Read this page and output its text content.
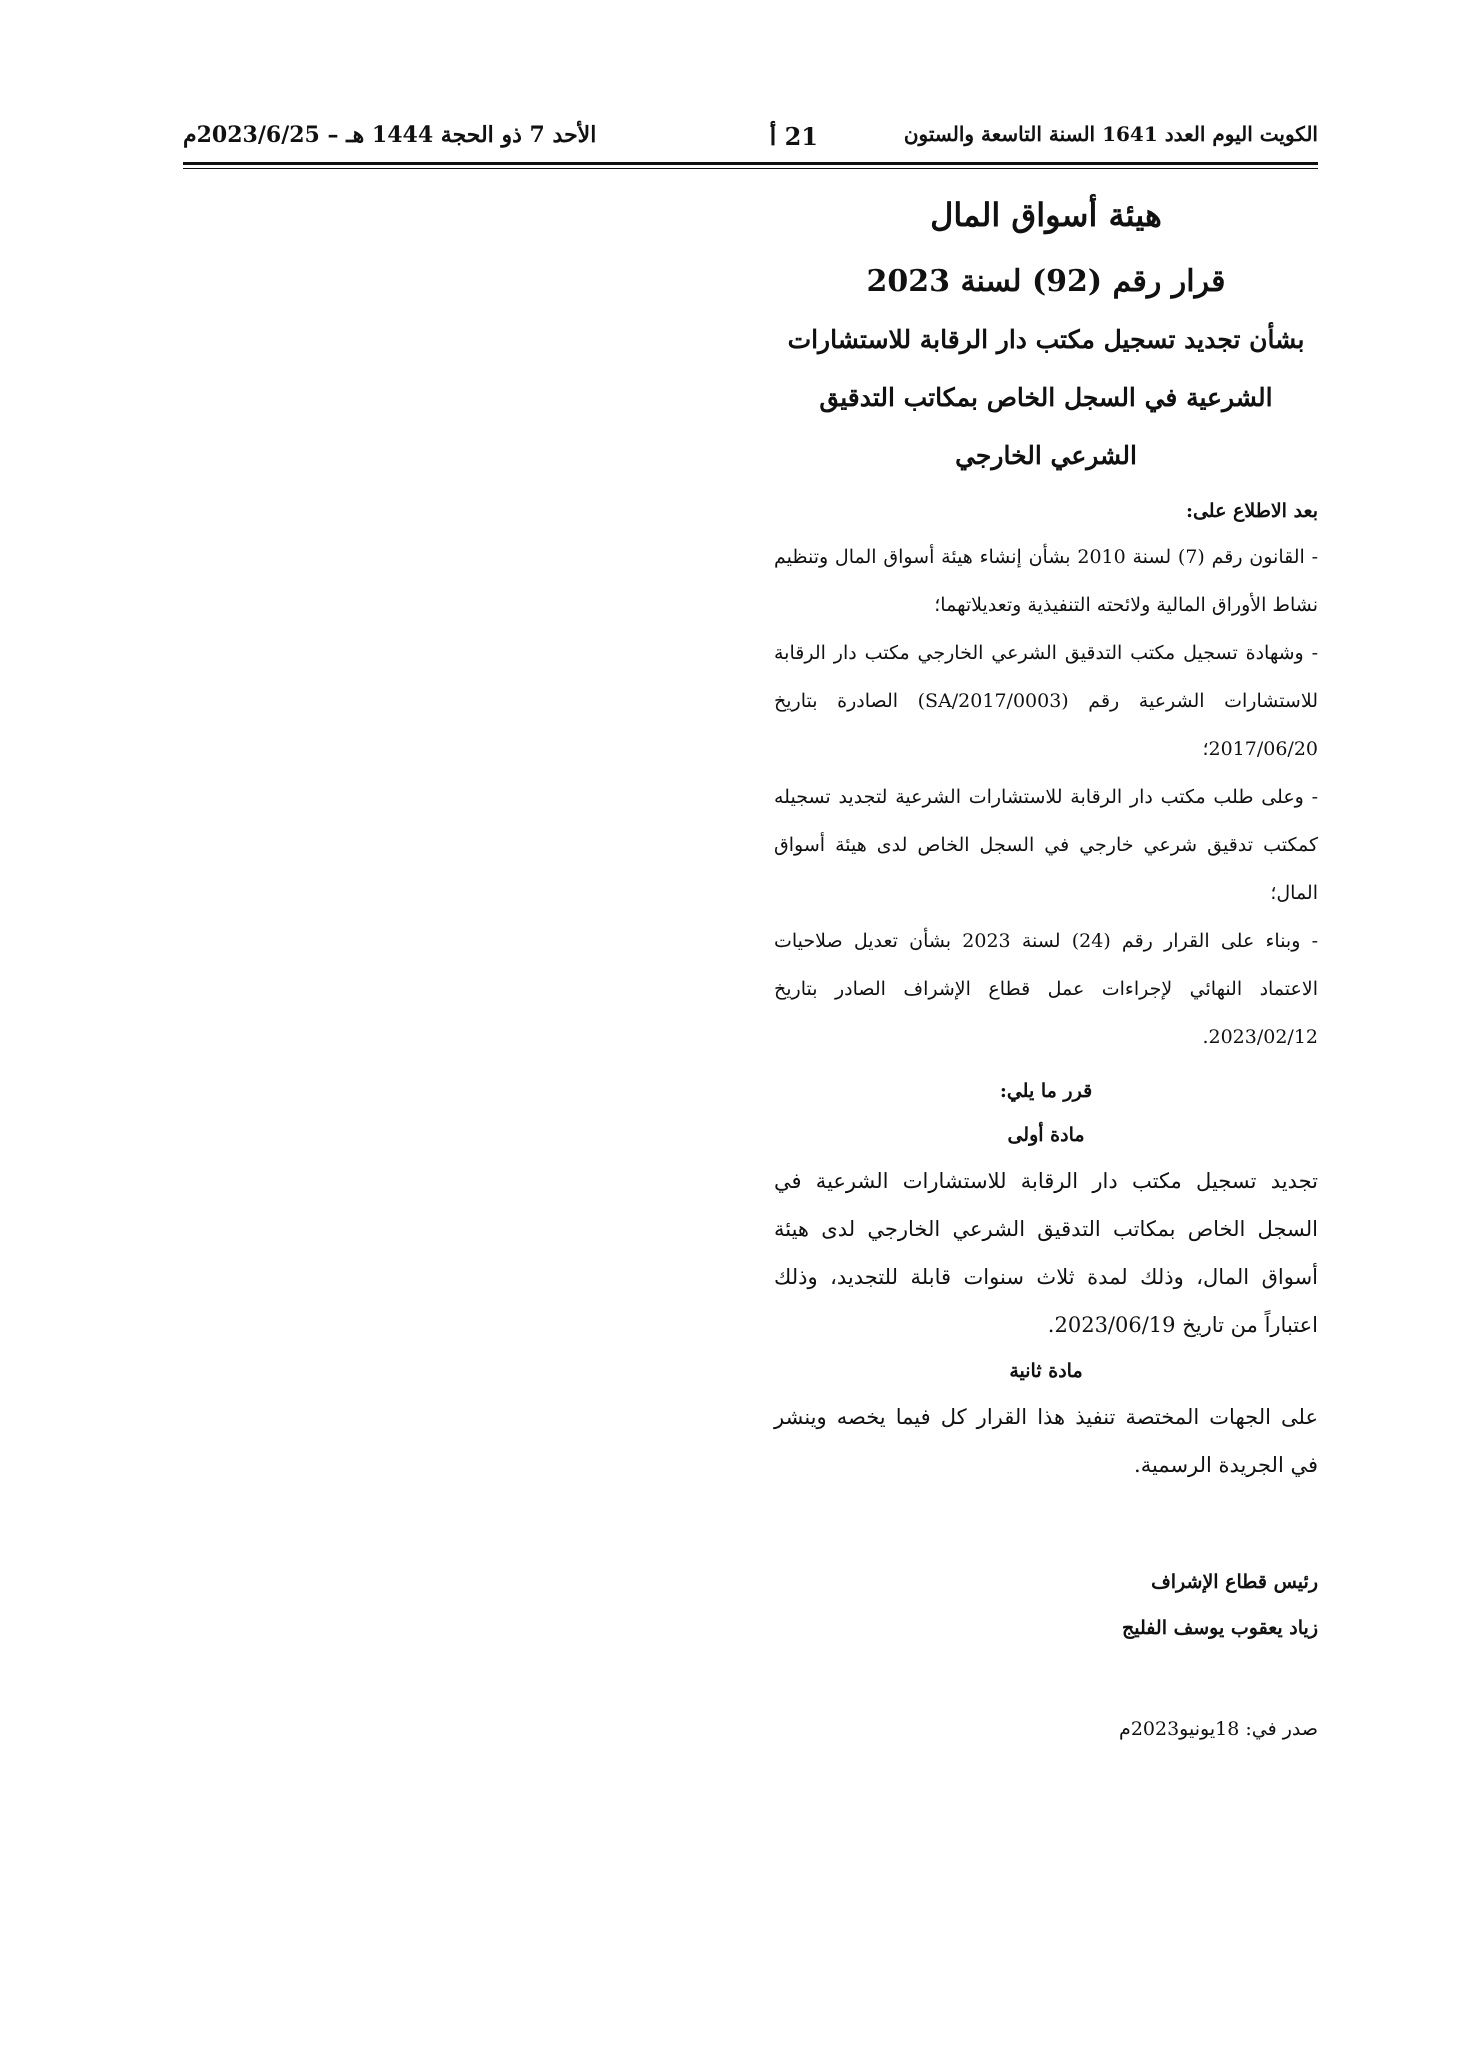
الكويت اليوم العدد 1641 السنة التاسعة والستون
21 أ
الأحد 7 ذو الحجة 1444 هـ – 2023/6/25م

هيئة أسواق المال

قرار رقم (92) لسنة 2023

بشأن تجديد تسجيل مكتب دار الرقابة للاستشارات الشرعية في السجل الخاص بمكاتب التدقيق الشرعي الخارجي

بعد الاطلاع على:

- القانون رقم (7) لسنة 2010 بشأن إنشاء هيئة أسواق المال وتنظيم نشاط الأوراق المالية ولائحته التنفيذية وتعديلاتهما؛

- وشهادة تسجيل مكتب التدقيق الشرعي الخارجي مكتب دار الرقابة للاستشارات الشرعية رقم (SA/2017/0003) الصادرة بتاريخ 2017/06/20؛

- وعلى طلب مكتب دار الرقابة للاستشارات الشرعية لتجديد تسجيله كمكتب تدقيق شرعي خارجي في السجل الخاص لدى هيئة أسواق المال؛

- وبناء على القرار رقم (24) لسنة 2023 بشأن تعديل صلاحيات الاعتماد النهائي لإجراءات عمل قطاع الإشراف الصادر بتاريخ 2023/02/12.

قرر ما يلي:

مادة أولى

تجديد تسجيل مكتب دار الرقابة للاستشارات الشرعية في السجل الخاص بمكاتب التدقيق الشرعي الخارجي لدى هيئة أسواق المال، وذلك لمدة ثلاث سنوات قابلة للتجديد، وذلك اعتباراً من تاريخ 2023/06/19.

مادة ثانية

على الجهات المختصة تنفيذ هذا القرار كل فيما يخصه وينشر في الجريدة الرسمية.

رئيس قطاع الإشراف

زياد يعقوب يوسف الفليج

صدر في: 18يونيو2023م
